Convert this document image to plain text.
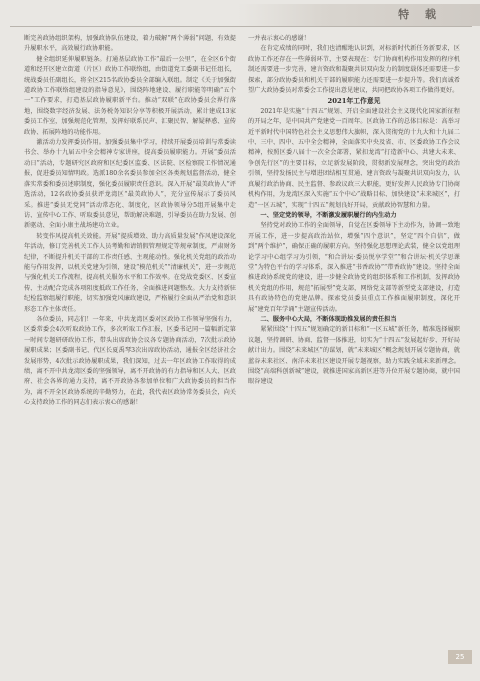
特 载

断完善政协组织架构，加强政协队伍建设，着力破解“两个薄弱”问题，有效提升履职水平，高效履行政协职能。

健全组织延伸履职链条。打通基层政协工作“最后一公里”，在全区6个街道和经开区建立街道（片区）政协工作联络组，由街道党工委副书记任组长，统战委员任副组长，将全区215名政协委员全部编入联组。制定《关于加强街道政协工作联络组建设的指导意见》，围绕阵地建设、履行职能等明确“五个一”工作要求，打造基层政协履职新平台。推动“双联”在政协委员会界行落地，围绕数字经济发展、法务税务知识分享等积极开展活动，累计建成13家委员工作室，加强规范化管理，发挥好联系民声、汇聚民智、解疑释惑、宣传政协、拓展阵地的功能作用。

激活动力发挥委员作用。加强委员集中学习，持续开展委员培训与常委读书会、举办十九届五中全会精神专家讲座，提高委员履职能力。开展“委员活动日”活动，专题研究区政府和区纪委区监委、区法院、区检察院工作情况通报，促进委员知情明政。选派180余名委员参加全区各类规划监督活动，健全落实常委和委员述职制度，强化委员履职责任意识。深入开展“最美政协人”评选活动，12名政协委员获评龙湾区“最美政协人”，充分宣传展示了委员风采。推进“委员无党同”活动常态化、制度化，区政协领导分5组开展集中走访、宣传中心工作、听取委员意见，帮助解决难题，引导委员在助力发展、创新驱动、全面小康主战场建功立业。

转变作风提高机关效能。开展“提质增效、助力高质量发展”作风建设深化年活动，修订完善机关工作人员考勤和请销假管理规定等规章制度，严肃财务纪律，不断提升机关干部的工作责任感、主观能动性。强化机关党组的政治功能与作用发挥，以机关党建为引领，建设“模范机关”“清廉机关”，进一步规范与强化机关工作流程，提高机关服务水平和工作效率。在党战党委区、区委宣传、主动配合完成各项阻度抵政工作任务，全面推进问题整改。大力支持新驻纪检监察组履行职能，切实加强党风廉政建设，严格履行全面从严治党和意识形态工作主体责任。

各位委员，同志们！一年来，中共龙湾区委对区政协工作领导坚强有力，区委常委会4次听取政协工作，多次听取工作汇报，区委书记同一篇幅新定第一时间专题研研政协工作，带头出席政协会议各专题协商活动，7次批示政协履职成果；区委副书记、代区长夏禹琴3次出席政协活动，通报全区经济社会发展形势，4次批示政协履职成果，我们深知，过去一年区政协工作取得的成绩，离不开中共龙湾区委的坚强领导，离不开政协的有力指导和区人大、区政府、社会各界的通力支持，离不开政协各参加单位和广大政协委员的担当作为，离不开全区政协系统的辛勤努力，在此，我代表区政协常务委员会，向关心支持政协工作的同志们表示衷心的感谢！

一并表示衷心的感谢！

在肯定成绩的同时，我们也清醒地认识到，对标新时代新任务新要求，区政协工作还存在一些薄弱环节，主要表现在：专门协商机构作用发挥的程序机制还需要进一步完善，建言资政和凝聚共识双向发力的制度载体还需要进一步探索，部分政协委员和机关干部的履职能力还需要进一步提升等。我们真诚希望广大政协委员对常委会工作提出意见建议，共同把政协各项工作做得更好。

2021年工作意见

2021年是实施“十四五”规划、开启全面建设社会主义现代化国家新征程的开局之年，是中国共产党建党一百周年。区政协工作的总体目标是：高举习近平新时代中国特色社会主义思想伟大旗帜，深入贯彻党的十九大和十九届二中、三中、四中、五中全会精神，全面落实中央及省、市、区委政协工作会议精神，按照区委八届十一次全会部署，紧扣龙湾“打造新中心、共建大未来、争创先行区”的主要目标，立足新发展阶段，贯彻新发展理念，突出党的政治引领，坚持发扬民主与增进团结相互贯通、建言资政与凝聚共识双向发力，认真履行政治协商、民主监督、参政议政三大职能，更好发挥人民政协专门协商机构作用，为龙湾区深入实施“五个中心”战略目标、加快建设“未来城区”，打造“一区五城”，实现“十四五”规划良好开局，贡献政协智慧和力量。

一、坚定党的领导，不断激发履职履行的内生动力

坚持党对政协工作的全面领导，自觉在区委领导下主动作为，协调一致地开展工作，进一步提高政治站位，增强“四个意识”，坚定“四个自信”，做到“两个维护”，确保正确的履职方向。坚持强化思想理论武装，健全以党组理论学习中心组学习为引领，“和合讲坛·委员悦享学堂”“和合讲坛·机关学思课堂”为特色平台的学习体系，深入推进“书香政协”“带香政协”建设。坚持全面推进政协系统党的建设，进一步健全政协党的组织体系和工作机制，发挥政协机关党组的作用，规范“拓展型”党支部，网络党支部等新型党支部建设，打造具有政协特色的党建品牌。探索党员委员重点工作推面履职制度，深化开展“建党百年学诵”主题宣传活动。

二、服务中心大局，不断体现助推发展的责任担当

紧紧围绕“十四五”规划确定的新目标和“一区五城”新任务，精准选择履职议题，坚持调研、协商、监督一体推进，切实为“十四五”发展起好步、开好局献计出力。围绕“未来城区”的谋划，就“未来城区”概念规划开展专题协商，就蓝谷未来社区、南洋未来社区建设开展专题视察，助力实践全域未来新理念。围绕“高端科创新城”建设，就推进国家高新区进等升位开展专题协商，就中国眼谷建设

25
